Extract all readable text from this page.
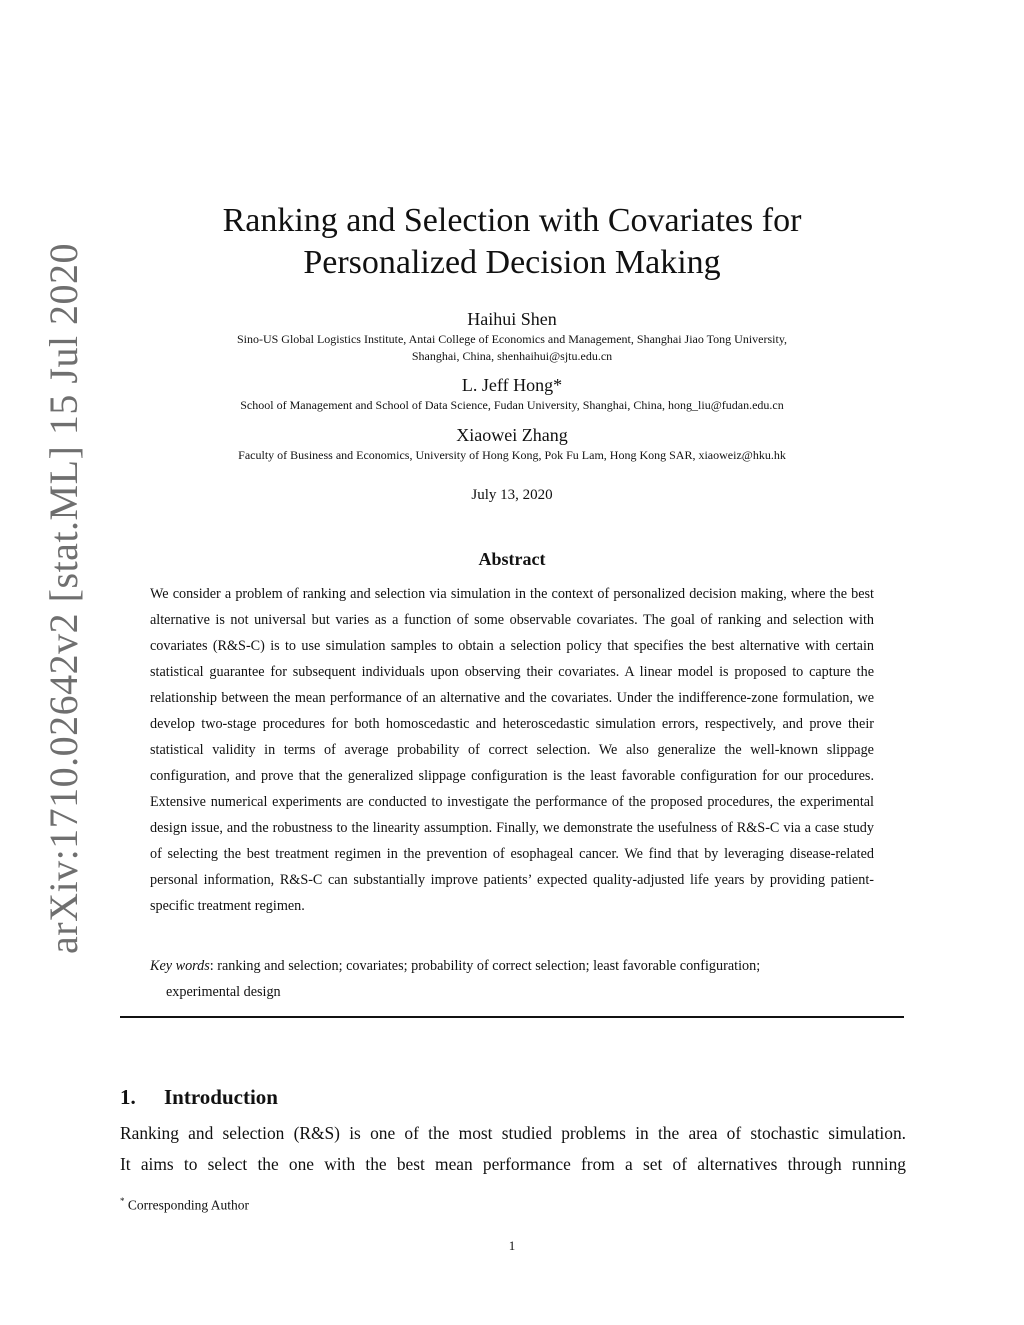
arXiv:1710.02642v2 [stat.ML] 15 Jul 2020
Ranking and Selection with Covariates for
Personalized Decision Making
Haihui Shen
Sino-US Global Logistics Institute, Antai College of Economics and Management, Shanghai Jiao Tong University,
Shanghai, China, shenhaihui@sjtu.edu.cn
L. Jeff Hong*
School of Management and School of Data Science, Fudan University, Shanghai, China, hong_liu@fudan.edu.cn
Xiaowei Zhang
Faculty of Business and Economics, University of Hong Kong, Pok Fu Lam, Hong Kong SAR, xiaoweiz@hku.hk
July 13, 2020
Abstract
We consider a problem of ranking and selection via simulation in the context of personalized decision making, where the best alternative is not universal but varies as a function of some observable covariates. The goal of ranking and selection with covariates (R&S-C) is to use simulation samples to obtain a selection policy that specifies the best alternative with certain statistical guarantee for subsequent individuals upon observing their covariates. A linear model is proposed to capture the relationship between the mean performance of an alternative and the covariates. Under the indifference-zone formulation, we develop two-stage procedures for both homoscedastic and heteroscedastic simulation errors, respectively, and prove their statistical validity in terms of average probability of correct selection. We also generalize the well-known slippage configuration, and prove that the generalized slippage configuration is the least favorable configuration for our procedures. Extensive numerical experiments are conducted to investigate the performance of the proposed procedures, the experimental design issue, and the robustness to the linearity assumption. Finally, we demonstrate the usefulness of R&S-C via a case study of selecting the best treatment regimen in the prevention of esophageal cancer. We find that by leveraging disease-related personal information, R&S-C can substantially improve patients’ expected quality-adjusted life years by providing patient-specific treatment regimen.
Key words: ranking and selection; covariates; probability of correct selection; least favorable configuration;
experimental design
1. Introduction
Ranking and selection (R&S) is one of the most studied problems in the area of stochastic simulation.
It aims to select the one with the best mean performance from a set of alternatives through running
* Corresponding Author
1
